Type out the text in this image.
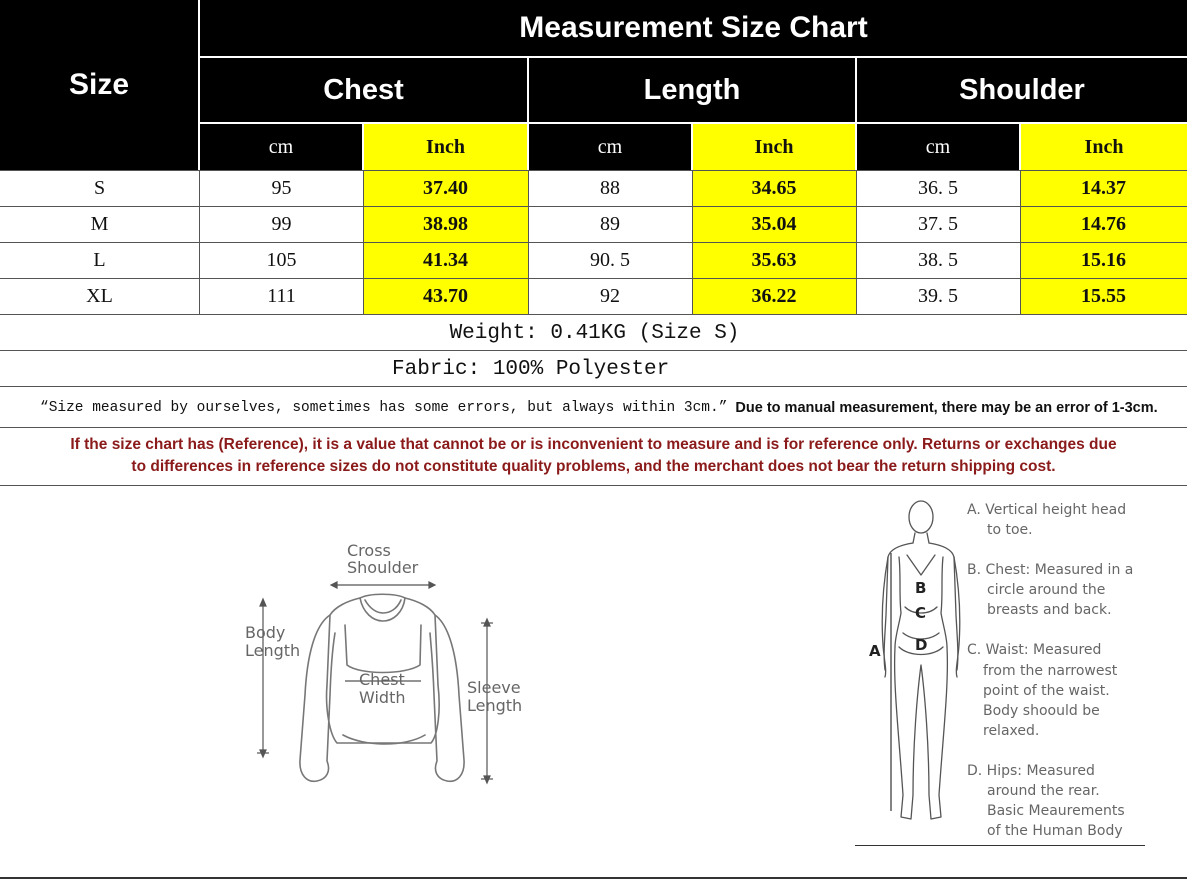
Size
Measurement Size Chart
Chest	Length	Shoulder
cm	Inch	cm	Inch	cm	Inch
S	95	37.40	88	34.65	36. 5	14.37
M	99	38.98	89	35.04	37. 5	14.76
L	105	41.34	90. 5	35.63	38. 5	15.16
XL	111	43.70	92	36.22	39. 5	15.55
Weight: 0.41KG (Size S)
Fabric: 100% Polyester
“Size measured by ourselves, sometimes has some errors, but always within 3cm.” Due to manual measurement, there may be an error of 1-3cm.
If the size chart has (Reference), it is a value that cannot be or is inconvenient to measure and is for reference only. Returns or exchanges due
to differences in reference sizes do not constitute quality problems, and the merchant does not bear the return shipping cost.
Cross
Shoulder
Body
Length
Chest
Width
Sleeve
Length
A
B
C
D
A. Vertical height head
to toe.
B. Chest: Measured in a
circle around the
breasts and back.
C. Waist: Measured
from the narrowest
point of the waist.
Body shoould be
relaxed.
D. Hips: Measured
around the rear.
Basic Meaurements
of the Human Body
